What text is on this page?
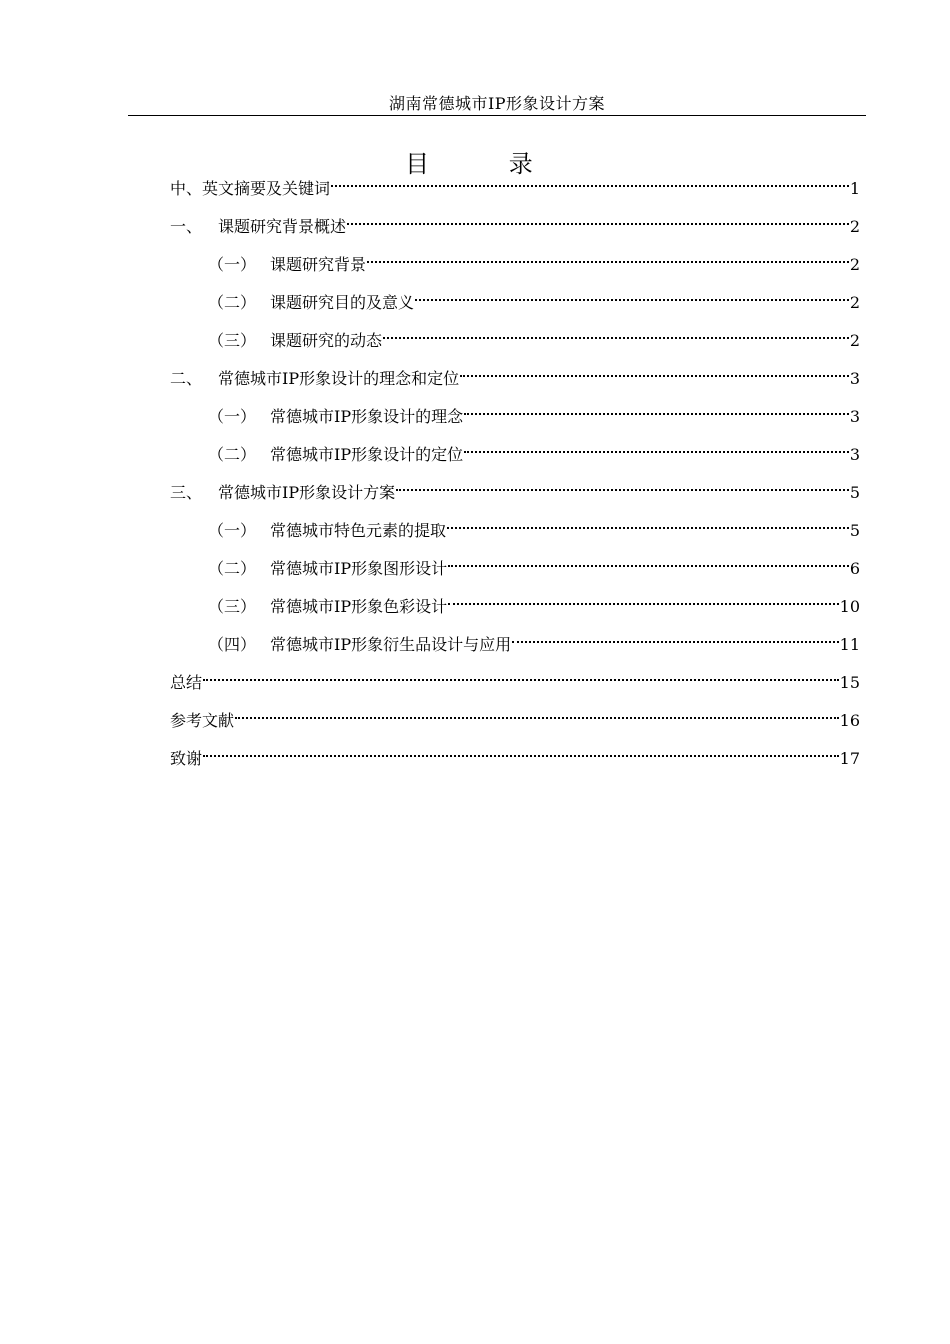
湖南常德城市IP形象设计方案
目 录
中、英文摘要及关键词	1
一、 课题研究背景概述	2
（一） 课题研究背景	2
（二） 课题研究目的及意义	2
（三） 课题研究的动态	2
二、 常德城市IP形象设计的理念和定位	3
（一） 常德城市IP形象设计的理念	3
（二） 常德城市IP形象设计的定位	3
三、 常德城市IP形象设计方案	5
（一） 常德城市特色元素的提取	5
（二） 常德城市IP形象图形设计	6
（三） 常德城市IP形象色彩设计	10
（四） 常德城市IP形象衍生品设计与应用	11
总结	15
参考文献	16
致谢	17
